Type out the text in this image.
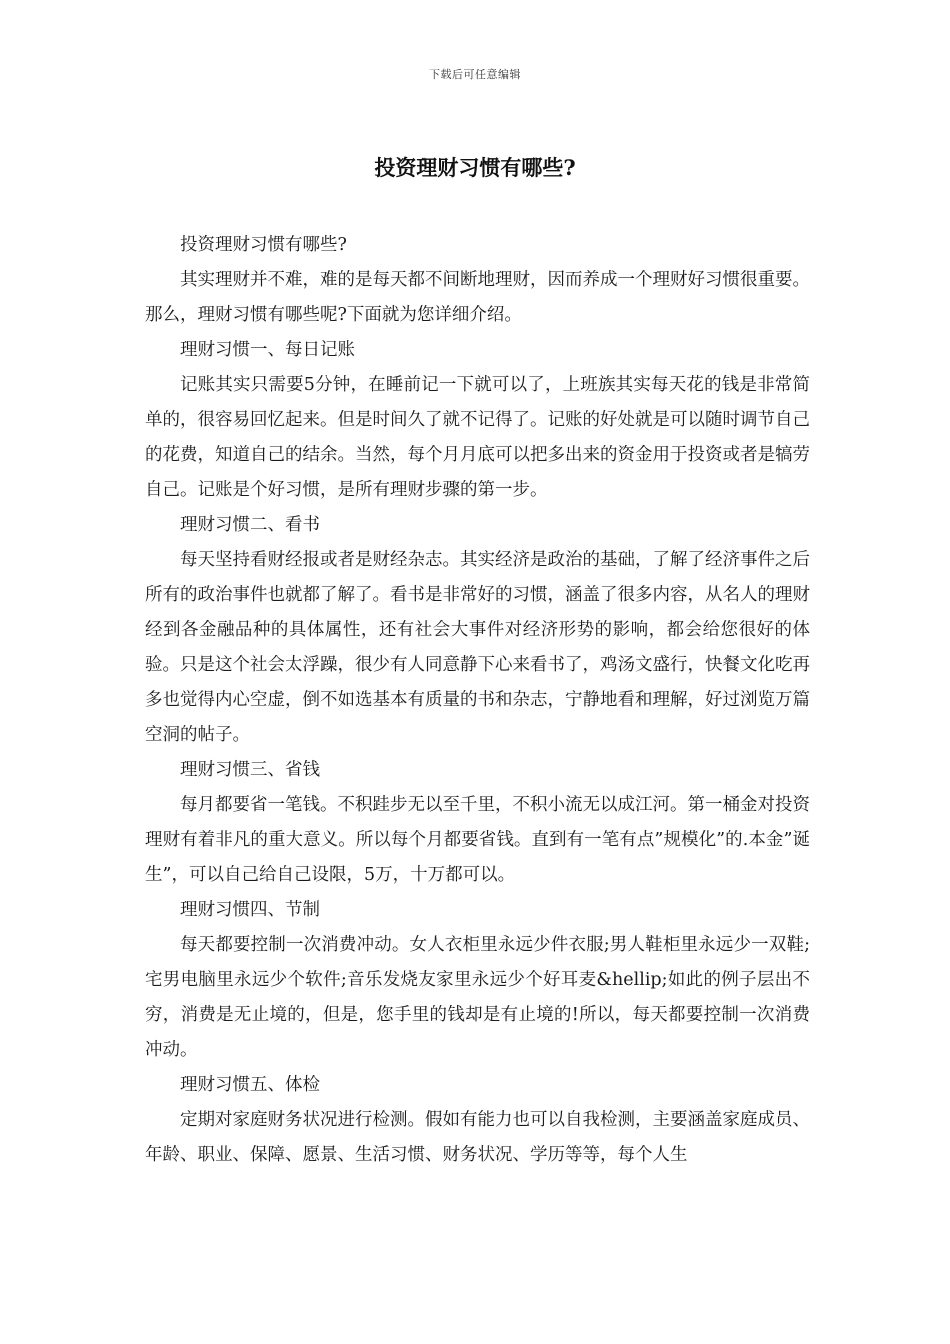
下载后可任意编辑
投资理财习惯有哪些?

投资理财习惯有哪些?

其实理财并不难，难的是每天都不间断地理财，因而养成一个理财好习惯很重要。那么，理财习惯有哪些呢?下面就为您详细介绍。

理财习惯一、每日记账

记账其实只需要5分钟，在睡前记一下就可以了，上班族其实每天花的钱是非常简单的，很容易回忆起来。但是时间久了就不记得了。记账的好处就是可以随时调节自己的花费，知道自己的结余。当然，每个月月底可以把多出来的资金用于投资或者是犒劳自己。记账是个好习惯，是所有理财步骤的第一步。

理财习惯二、看书

每天坚持看财经报或者是财经杂志。其实经济是政治的基础，了解了经济事件之后所有的政治事件也就都了解了。看书是非常好的习惯，涵盖了很多内容，从名人的理财经到各金融品种的具体属性，还有社会大事件对经济形势的影响，都会给您很好的体验。只是这个社会太浮躁，很少有人同意静下心来看书了，鸡汤文盛行，快餐文化吃再多也觉得内心空虚，倒不如选基本有质量的书和杂志，宁静地看和理解，好过浏览万篇空洞的帖子。

理财习惯三、省钱

每月都要省一笔钱。不积跬步无以至千里，不积小流无以成江河。第一桶金对投资理财有着非凡的重大意义。所以每个月都要省钱。直到有一笔有点”规模化”的.本金”诞生”，可以自己给自己设限，5万，十万都可以。

理财习惯四、节制

每天都要控制一次消费冲动。女人衣柜里永远少件衣服;男人鞋柜里永远少一双鞋;宅男电脑里永远少个软件;音乐发烧友家里永远少个好耳麦&hellip;如此的例子层出不穷，消费是无止境的，但是，您手里的钱却是有止境的!所以，每天都要控制一次消费冲动。

理财习惯五、体检

定期对家庭财务状况进行检测。假如有能力也可以自我检测，主要涵盖家庭成员、年龄、职业、保障、愿景、生活习惯、财务状况、学历等等，每个人生
